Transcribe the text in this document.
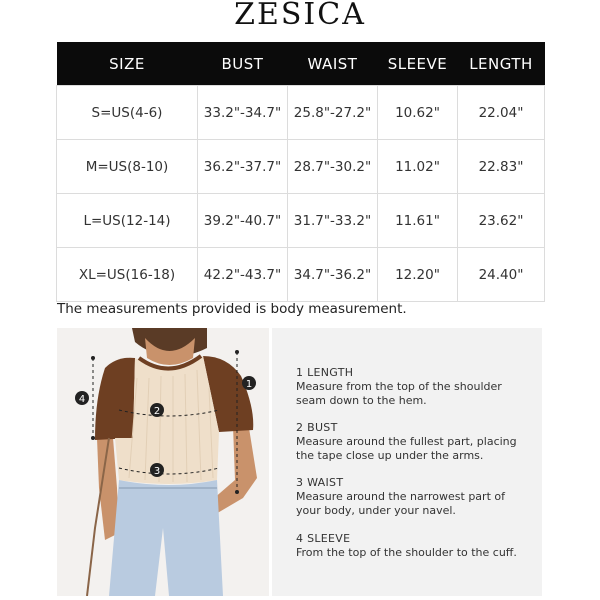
ZESICA
SIZE	BUST	WAIST	SLEEVE	LENGTH
S=US(4-6)	33.2"-34.7"	25.8"-27.2"	10.62"	22.04"
M=US(8-10)	36.2"-37.7"	28.7"-30.2"	11.02"	22.83"
L=US(12-14)	39.2"-40.7"	31.7"-33.2"	11.61"	23.62"
XL=US(16-18)	42.2"-43.7"	34.7"-36.2"	12.20"	24.40"
The measurements provided is body measurement.
1
2
3
4
1 LENGTH
Measure from the top of the shoulder
seam down to the hem.
2 BUST
Measure around the fullest part, placing
the tape close up under the arms.
3 WAIST
Measure around the narrowest part of
your body, under your navel.
4 SLEEVE
From the top of the shoulder to the cuff.
